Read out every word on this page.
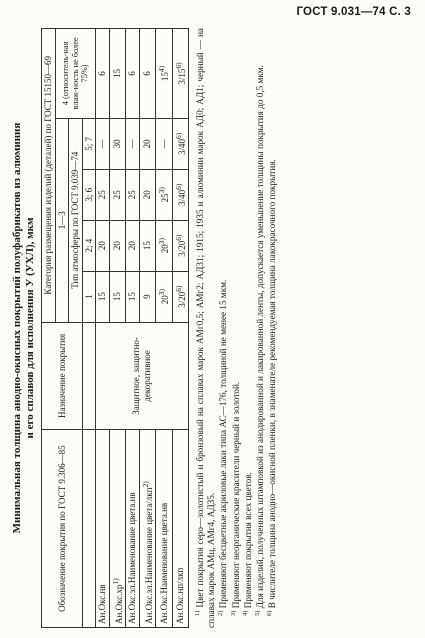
ГОСТ 9.031—74 С. 3
Минимальная толщина анодно-окисных покрытий полуфабрикатов из алюминия и его сплавов для исполнения У (УХЛ), мкм
Обозначение покрытия по ГОСТ 9.306—85	Назначение покрытия	Категория размещения изделий (деталей) по ГОСТ 15150—69				
		1—3				4 (относитель-ная влаж-ность не более 75%)
		Тип атмосферы по ГОСТ 9.039—74				
		1	2; 4	3; 6	5; 7	
Ан.Окс.нв	Защитное, защитно-декоративное	15	20	25	—	6
$Ан.Окс.хр^{1)}$		15	20	25	30	15
Ан.Окс.эл.Наименование цвета.нв		15	20	25	—	6
Ан.Окс.эл.Наименование цвета/лкп$^{2)}$		9	15	20	20	6
Ан.Окс.Наименование цвета.нв		20$^{3)}$	20$^{3)}$	25$^{3)}$	—	15$^{4)}$
Ан.Окс.нп/лкп		3/20$^{6)}$	3/20$^{6)}$	3/40$^{6)}$	3/40$^{6)}$	3/15$^{6)}$

$^{1)}$ Цвет покрытия серо—золотистый и бронзовый на сплавах марок АМг0,5; АМг2; АД31; 1915; 1935 и алюминии марок АД0; АД1; черный — на сплавах марок АМц, АМг4, АД35. $^{2)}$ Применяют бесцветные акриловые лаки типа АС—176, толщиной не менее 15 мкм.

$^{3)}$ Применяют неорганические красители черный и золотой.

$^{4)}$ Применяют покрытия всех цветов.

$^{5)}$ Для изделий, полученных штамповкой из анодированной и лакированной ленты, допускается уменьшение толщины покрытия до 0,5 мкм.

$^{6)}$ В числителе толщина анодно—окисной пленки, в знаменателе рекомендуемая толщина лакокрасочного покрытия.
